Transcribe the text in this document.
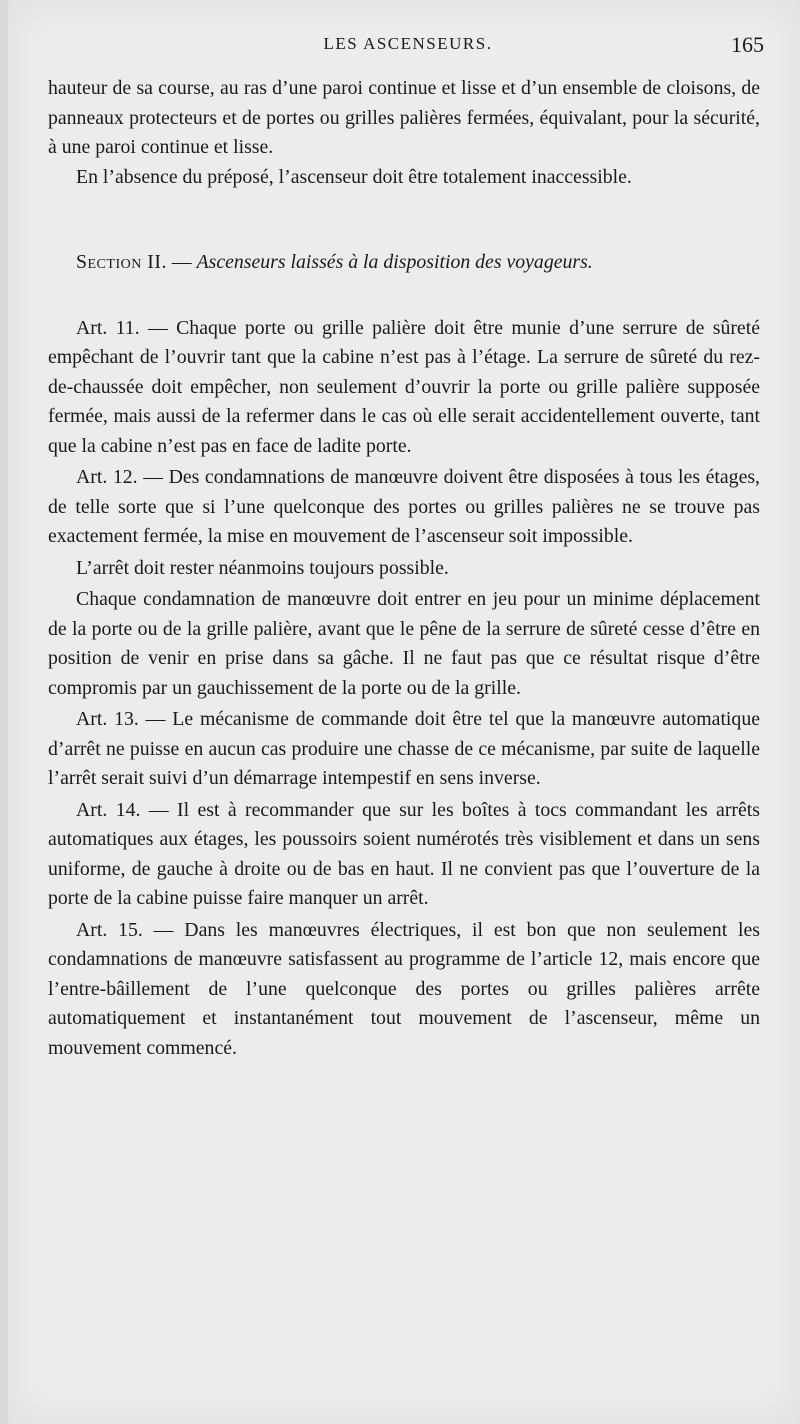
LES ASCENSEURS.	165

hauteur de sa course, au ras d’une paroi continue et lisse et d’un ensemble de cloisons, de panneaux protecteurs et de portes ou grilles palières fermées, équivalant, pour la sécurité, à une paroi continue et lisse.

En l’absence du préposé, l’ascenseur doit être totalement inaccessible.

Section II. — Ascenseurs laissés à la disposition des voyageurs.

Art. 11. — Chaque porte ou grille palière doit être munie d’une serrure de sûreté empêchant de l’ouvrir tant que la cabine n’est pas à l’étage. La serrure de sûreté du rez-de-chaussée doit empêcher, non seulement d’ouvrir la porte ou grille palière supposée fermée, mais aussi de la refermer dans le cas où elle serait accidentellement ouverte, tant que la cabine n’est pas en face de ladite porte.

Art. 12. — Des condamnations de manœuvre doivent être disposées à tous les étages, de telle sorte que si l’une quelconque des portes ou grilles palières ne se trouve pas exactement fermée, la mise en mouvement de l’ascenseur soit impossible.

L’arrêt doit rester néanmoins toujours possible.

Chaque condamnation de manœuvre doit entrer en jeu pour un minime déplacement de la porte ou de la grille palière, avant que le pêne de la serrure de sûreté cesse d’être en position de venir en prise dans sa gâche. Il ne faut pas que ce résultat risque d’être compromis par un gauchissement de la porte ou de la grille.

Art. 13. — Le mécanisme de commande doit être tel que la manœuvre automatique d’arrêt ne puisse en aucun cas produire une chasse de ce mécanisme, par suite de laquelle l’arrêt serait suivi d’un démarrage intempestif en sens inverse.

Art. 14. — Il est à recommander que sur les boîtes à tocs commandant les arrêts automatiques aux étages, les poussoirs soient numérotés très visiblement et dans un sens uniforme, de gauche à droite ou de bas en haut. Il ne convient pas que l’ouverture de la porte de la cabine puisse faire manquer un arrêt.

Art. 15. — Dans les manœuvres électriques, il est bon que non seulement les condamnations de manœuvre satisfassent au programme de l’article 12, mais encore que l’entre-bâillement de l’une quelconque des portes ou grilles palières arrête automatiquement et instantanément tout mouvement de l’ascenseur, même un mouvement commencé.
